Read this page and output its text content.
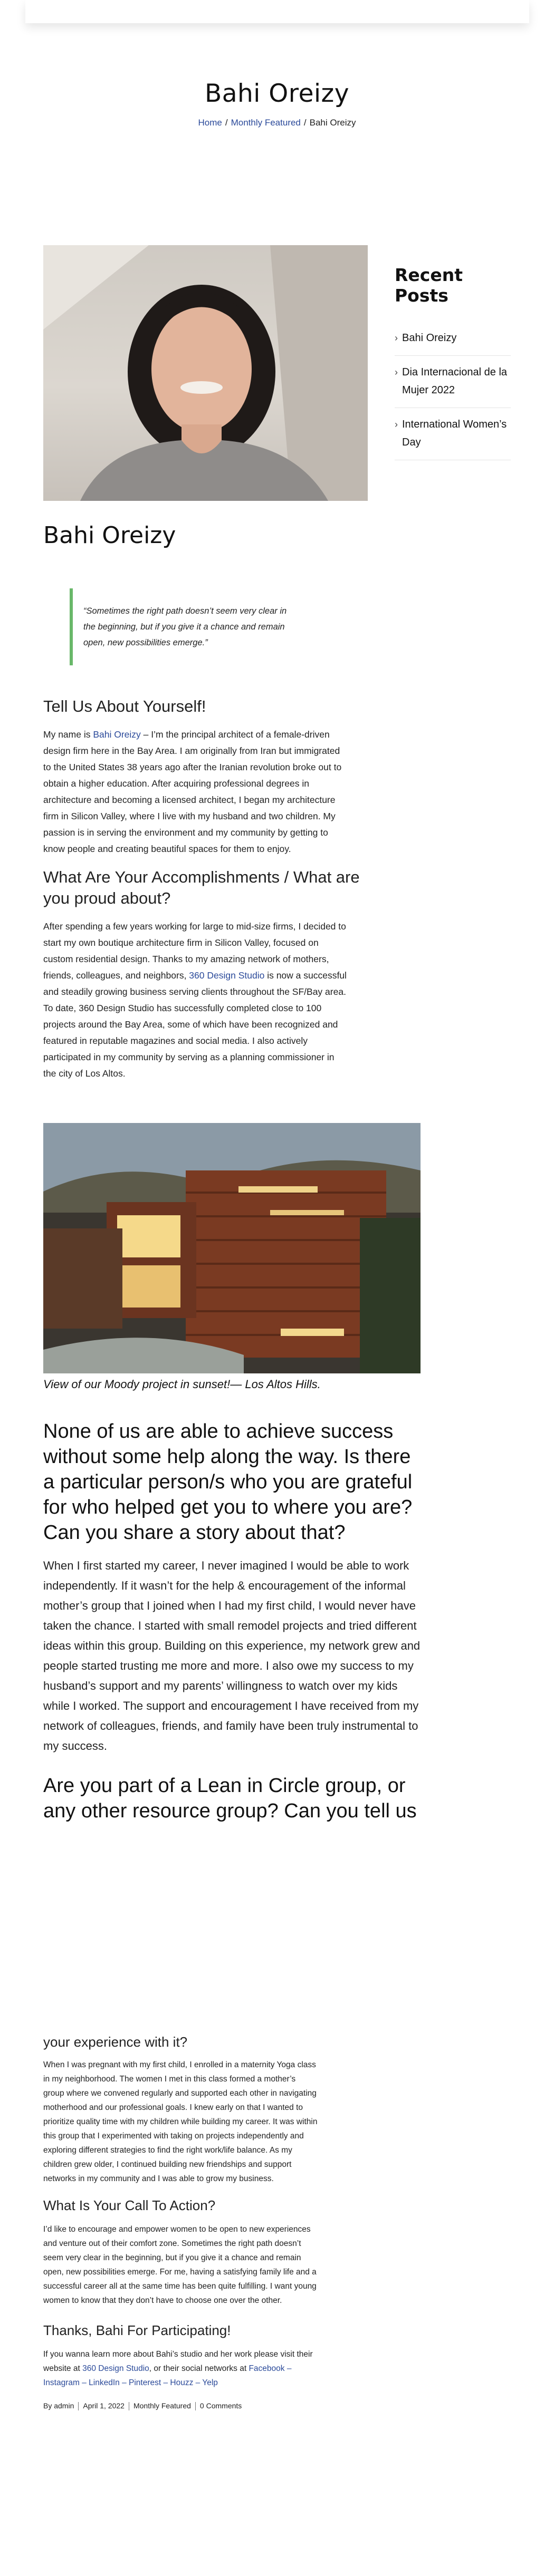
Bahi Oreizy
Home / Monthly Featured / Bahi Oreizy
Bahi Oreizy
“Sometimes the right path doesn’t seem very clear in the beginning, but if you give it a chance and remain open, new possibilities emerge.”
Tell Us About Yourself!

My name is Bahi Oreizy – I’m the principal architect of a female-driven design firm here in the Bay Area. I am originally from Iran but immigrated to the United States 38 years ago after the Iranian revolution broke out to obtain a higher education. After acquiring professional degrees in architecture and becoming a licensed architect, I began my architecture firm in Silicon Valley, where I live with my husband and two children. My passion is in serving the environment and my community by getting to know people and creating beautiful spaces for them to enjoy.

What Are Your Accomplishments / What are you proud about?

After spending a few years working for large to mid-size firms, I decided to start my own boutique architecture firm in Silicon Valley, focused on custom residential design. Thanks to my amazing network of mothers, friends, colleagues, and neighbors, 360 Design Studio is now a successful and steadily growing business serving clients throughout the SF/Bay area. To date, 360 Design Studio has successfully completed close to 100 projects around the Bay Area, some of which have been recognized and featured in reputable magazines and social media. I also actively participated in my community by serving as a planning commissioner in the city of Los Altos.

View of our Moody project in sunset!— Los Altos Hills.

None of us are able to achieve success without some help along the way. Is there a particular person/s who you are grateful for who helped get you to where you are? Can you share a story about that?

When I first started my career, I never imagined I would be able to work independently. If it wasn’t for the help & encouragement of the informal mother’s group that I joined when I had my first child, I would never have taken the chance. I started with small remodel projects and tried different ideas within this group. Building on this experience, my network grew and people started trusting me more and more. I also owe my success to my husband’s support and my parents’ willingness to watch over my kids while I worked. The support and encouragement I have received from my network of colleagues, friends, and family have been truly instrumental to my success.

Are you part of a Lean in Circle group, or any other resource group? Can you tell us

your experience with it?

When I was pregnant with my first child, I enrolled in a maternity Yoga class in my neighborhood. The women I met in this class formed a mother’s group where we convened regularly and supported each other in navigating motherhood and our professional goals. I knew early on that I wanted to prioritize quality time with my children while building my career. It was within this group that I experimented with taking on projects independently and exploring different strategies to find the right work/life balance. As my children grew older, I continued building new friendships and support networks in my community and I was able to grow my business.

What Is Your Call To Action?

I’d like to encourage and empower women to be open to new experiences and venture out of their comfort zone. Sometimes the right path doesn’t seem very clear in the beginning, but if you give it a chance and remain open, new possibilities emerge. For me, having a satisfying family life and a successful career all at the same time has been quite fulfilling. I want young women to know that they don’t have to choose one over the other.

Thanks, Bahi For Participating!

If you wanna learn more about Bahi’s studio and her work please visit their website at 360 Design Studio, or their social networks at Facebook – Instagram – LinkedIn – Pinterest – Houzz – Yelp

By admin April 1, 2022 Monthly Featured 0 Comments
Recent Posts
› Bahi Oreizy
› Dia Internacional de la Mujer 2022
› International Women’s Day
